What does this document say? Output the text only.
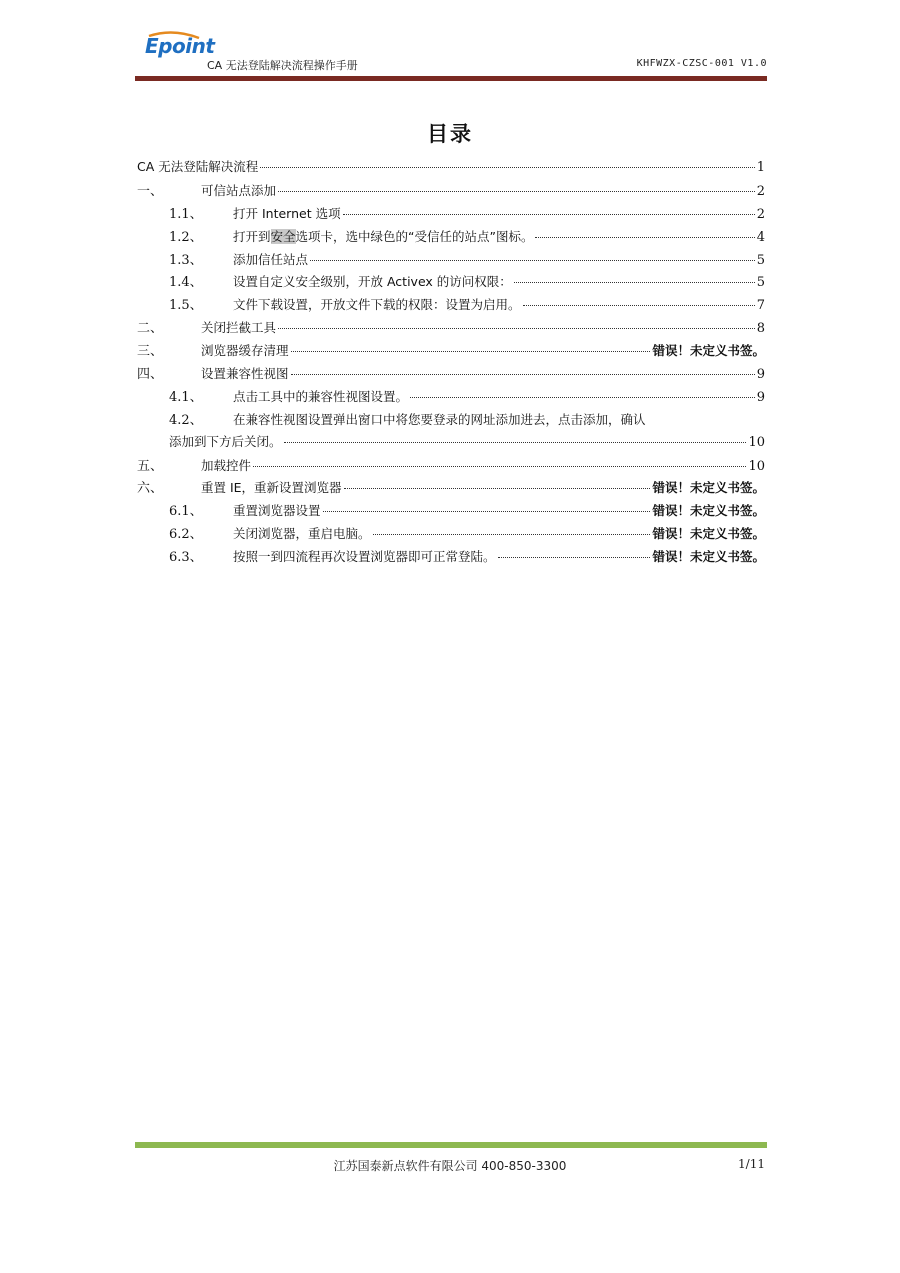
Epoint
CA 无法登陆解决流程操作手册	KHFWZX-CZSC-001 V1.0
目录
CA 无法登陆解决流程	1
一、	可信站点添加	2
1.1、	打开 Internet 选项	2
1.2、	打开到安全选项卡，选中绿色的“受信任的站点”图标。	4
1.3、	添加信任站点	5
1.4、	设置自定义安全级别，开放 Activex 的访问权限：	5
1.5、	文件下载设置，开放文件下载的权限：设置为启用。	7
二、	关闭拦截工具	8
三、	浏览器缓存清理	错误！未定义书签。
四、	设置兼容性视图	9
4.1、	点击工具中的兼容性视图设置。	9
4.2、	在兼容性视图设置弹出窗口中将您要登录的网址添加进去，点击添加，确认
添加到下方后关闭。	10
五、	加载控件	10
六、	重置 IE，重新设置浏览器	错误！未定义书签。
6.1、	重置浏览器设置	错误！未定义书签。
6.2、	关闭浏览器，重启电脑。	错误！未定义书签。
6.3、	按照一到四流程再次设置浏览器即可正常登陆。	错误！未定义书签。
江苏国泰新点软件有限公司 400-850-3300	1/11
